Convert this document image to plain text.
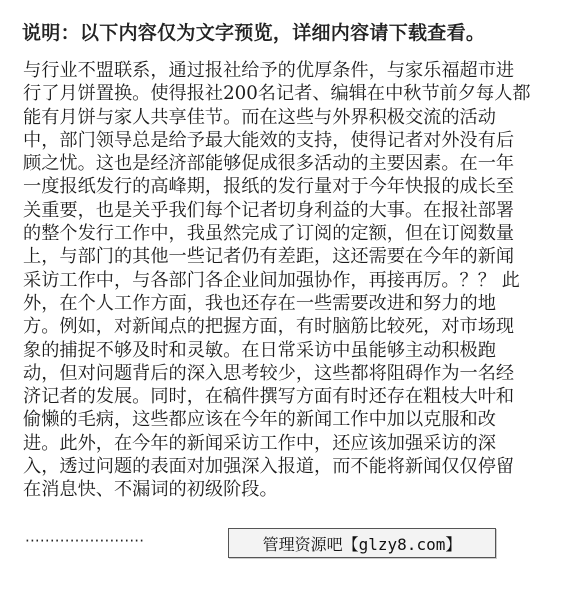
说明：以下内容仅为文字预览，详细内容请下载查看。
与行业不盟联系，通过报社给予的优厚条件，与家乐福超市进
行了月饼置换。使得报社200名记者、编辑在中秋节前夕每人都
能有月饼与家人共享佳节。而在这些与外界积极交流的活动
中，部门领导总是给予最大能效的支持，使得记者对外没有后
顾之忧。这也是经济部能够促成很多活动的主要因素。在一年
一度报纸发行的高峰期，报纸的发行量对于今年快报的成长至
关重要，也是关乎我们每个记者切身利益的大事。在报社部署
的整个发行工作中，我虽然完成了订阅的定额，但在订阅数量
上，与部门的其他一些记者仍有差距，这还需要在今年的新闻
采访工作中，与各部门各企业间加强协作，再接再厉。？？ 此
外，在个人工作方面，我也还存在一些需要改进和努力的地
方。例如，对新闻点的把握方面，有时脑筋比较死，对市场现
象的捕捉不够及时和灵敏。在日常采访中虽能够主动积极跑
动，但对问题背后的深入思考较少，这些都将阻碍作为一名经
济记者的发展。同时，在稿件撰写方面有时还存在粗枝大叶和
偷懒的毛病，这些都应该在今年的新闻工作中加以克服和改
进。此外，在今年的新闻采访工作中，还应该加强采访的深
入，透过问题的表面对加强深入报道，而不能将新闻仅仅停留
在消息快、不漏词的初级阶段。
························	管理资源吧【glzy8.com】
